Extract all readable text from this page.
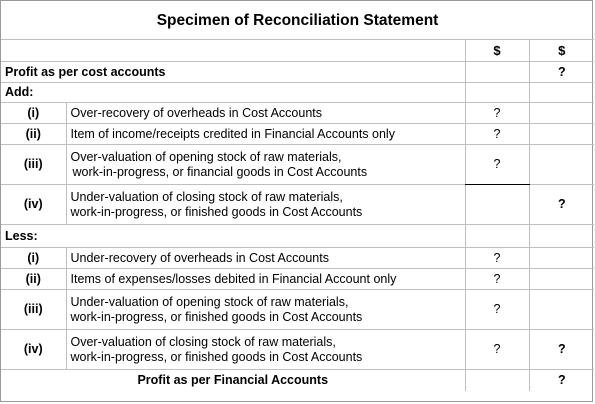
Specimen of Reconciliation Statement			
		$	$
Profit as per cost accounts			?
Add:			
(i)	Over-recovery of overheads in Cost Accounts	?	
(ii)	Item of income/receipts credited in Financial Accounts only	?	
(iii)	Over-valuation of opening stock of raw materials,
work-in-progress, or financial goods in Cost Accounts	?	
(iv)	Under-valuation of closing stock of raw materials,
work-in-progress, or finished goods in Cost Accounts		?
Less:			
(i)	Under-recovery of overheads in Cost Accounts	?	
(ii)	Items of expenses/losses debited in Financial Account only	?	
(iii)	Under-valuation of opening stock of raw materials,
work-in-progress, or finished goods in Cost Accounts	?	
(iv)	Over-valuation of closing stock of raw materials,
work-in-progress, or finished goods in Cost Accounts	?	?
Profit as per Financial Accounts			?
